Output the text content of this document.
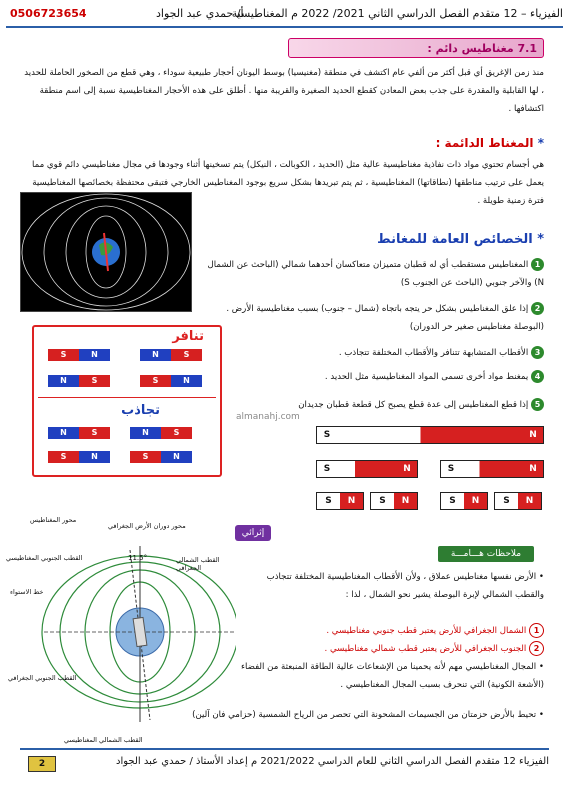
0506723654	أ/ حمدي عبد الجواد
الفيزياء – 12 متقدم الفصل الدراسي الثاني 2021/ 2022 م المغناطيسية
7.1 مغناطيس دائم :
منذ زمن الإغريق أي قبل أكثر من ألفي عام اكتشف في منطقة (مغنيسيا) بوسط اليونان أحجار طبيعية سوداء ، وهي قطع من الصخور الحاملة للحديد ، لها القابلية والمقدرة على جذب بعض المعادن كقطع الحديد الصغيرة والقريبة منها . أطلق على هذه الأحجار المغناطيسية نسبة إلى اسم منطقة اكتشافها .
* المغناط الدائمة :
هي أجسام تحتوي مواد ذات نفاذية مغناطيسية عالية مثل (الحديد ، الكوبالت ، النيكل) يتم تسخينها أثناء وجودها في مجال مغناطيسي دائم قوي مما يعمل على ترتيب مناطقها (نطاقاتها) المغناطيسية ، ثم يتم تبريدها بشكل سريع بوجود المغناطيس الخارجي فتبقى محتفظة بخصائصها المغناطيسية فترة زمنية طويلة .
* الخصائص العامة للمغانط
1 المغناطيس مستقطب أي له قطبان متميزان متعاكسان أحدهما شمالي (الباحث عن الشمال N) والآخر جنوبي (الباحث عن الجنوب S)
2 إذا علق المغناطيس بشكل حر يتجه باتجاه (شمال – جنوب) بسبب مغناطيسية الأرض . (البوصلة مغناطيس صغير حر الدوران)
3 الأقطاب المتشابهة تتنافر والأقطاب المختلفة تتجاذب .
4 يمغنط مواد أخرى تسمى المواد المغناطيسية مثل الحديد .
5 إذا قطع المغناطيس إلى عدة قطع يصبح كل قطعة قطبان جديدان
تنافر
S	N	N	S
N	S	S	N
تجاذب
N	S	N	S
S	N	S	N
S	N
S	N	S	N
S	N	S	N	S	N	S	N
almanahj.com
إثرائي
محور المغناطيس
محور دوران الأرض الجغرافي
القطب الجنوبي المغناطيسي	القطب الشمالي الجغرافي
خط الاستواء
القطب الجنوبي الجغرافي
القطب الشمالي المغناطيسي
11.5°	ملاحظات هـــامـــة
• الأرض نفسها مغناطيس عملاق ، ولأن الأقطاب المغناطيسية المختلفة تتجاذب والقطب الشمالي لإبرة البوصلة يشير نحو الشمال ، لذا :
1 الشمال الجغرافي للأرض يعتبر قطب جنوبي مغناطيسي .
2 الجنوب الجغرافي للأرض يعتبر قطب شمالي مغناطيسي .
• المجال المغناطيسي مهم لأنه يحمينا من الإشعاعات عالية الطاقة المنبعثة من الفضاء (الأشعة الكونية) التي تنحرف بسبب المجال المغناطيسي .
• تحيط بالأرض حزمتان من الجسيمات المشحونة التي تحصر من الرياح الشمسية (حزامي فان آلين)
2	الفيزياء 12 متقدم الفصل الدراسي الثاني للعام الدراسي 2021/2022 م إعداد الأستاذ / حمدي عبد الجواد
